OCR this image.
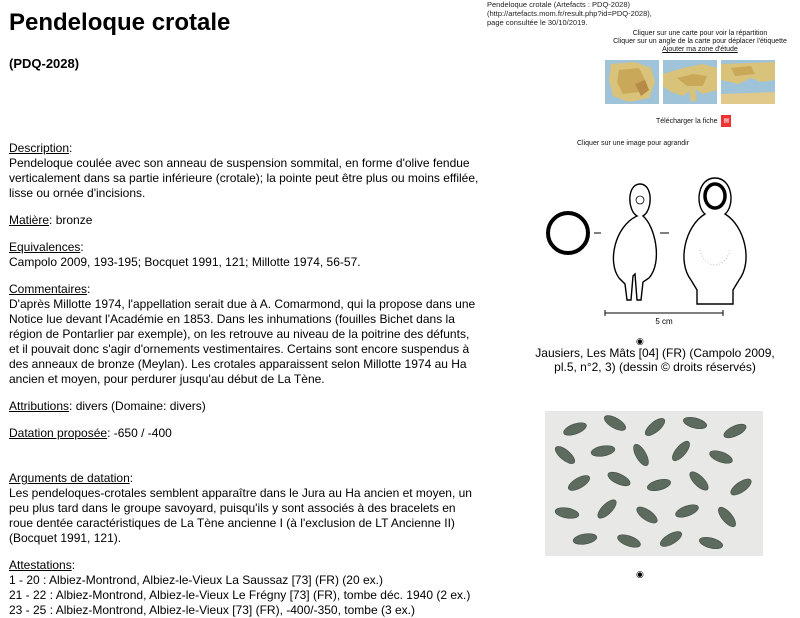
Pendeloque crotale
(PDQ-2028)
Description:
Pendeloque coulée avec son anneau de suspension sommital, en forme d'olive fendue verticalement dans sa partie inférieure (crotale); la pointe peut être plus ou moins effilée, lisse ou ornée d'incisions.
Matière: bronze
Equivalences:
Campolo 2009, 193-195; Bocquet 1991, 121; Millotte 1974, 56-57.
Commentaires:
D'après Millotte 1974, l'appellation serait due à A. Comarmond, qui la propose dans une Notice lue devant l'Académie en 1853. Dans les inhumations (fouilles Bichet dans la région de Pontarlier par exemple), on les retrouve au niveau de la poitrine des défunts, et il pouvait donc s'agir d'ornements vestimentaires. Certains sont encore suspendus à des anneaux de bronze (Meylan). Les crotales apparaissent selon Millotte 1974 au Ha ancien et moyen, pour perdurer jusqu'au début de La Tène.
Attributions: divers (Domaine: divers)
Datation proposée: -650 / -400
Arguments de datation:
Les pendeloques-crotales semblent apparaître dans le Jura au Ha ancien et moyen, un peu plus tard dans le groupe savoyard, puisqu'ils y sont associés à des bracelets en roue dentée caractéristiques de La Tène ancienne I (à l'exclusion de LT Ancienne II) (Bocquet 1991, 121).
Attestations:
1 - 20 : Albiez-Montrond, Albiez-le-Vieux La Saussaz [73] (FR) (20 ex.)
21 - 22 : Albiez-Montrond, Albiez-le-Vieux Le Frégny [73] (FR), tombe déc. 1940 (2 ex.)
23 - 25 : Albiez-Montrond, Albiez-le-Vieux [73] (FR), -400/-350, tombe (3 ex.)
Pendeloque crotale (Artefacts : PDQ-2028) (http://artefacts.mom.fr/result.php?id=PDQ-2028), page consultée le 30/10/2019.
Cliquer sur une carte pour voir la répartition
Cliquer sur un angle de la carte pour déplacer l'étiquette
Ajouter ma zone d'étude
Télécharger la fiche ▤
Cliquer sur une image pour agrandir
5 cm
◉
Jausiers, Les Mâts [04] (FR) (Campolo 2009, pl.5, n°2, 3) (dessin © droits réservés)
◉
